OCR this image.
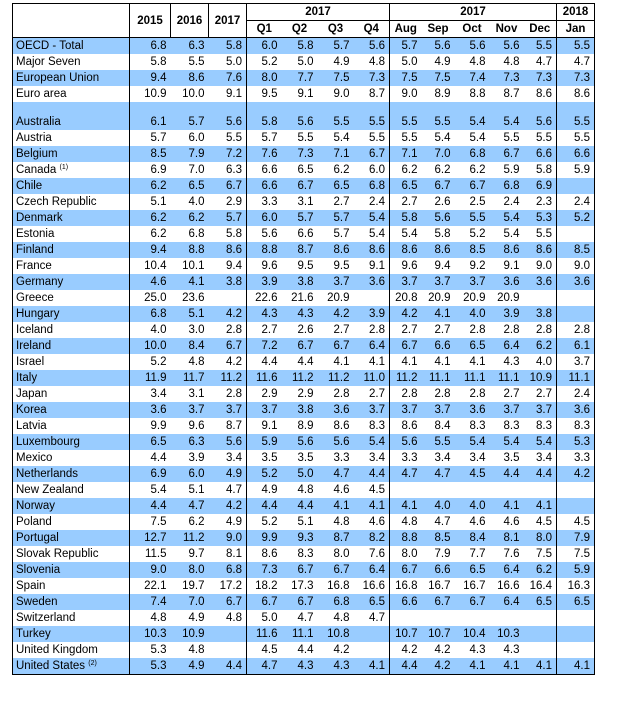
	2015	2016	2017	2017				2017					2018
				Q1	Q2	Q3	Q4	Aug	Sep	Oct	Nov	Dec	Jan
OECD - Total	6.8	6.3	5.8	6.0	5.8	5.7	5.6	5.7	5.6	5.6	5.6	5.5	5.5
Major Seven	5.8	5.5	5.0	5.2	5.0	4.9	4.8	5.0	4.9	4.8	4.8	4.7	4.7
European Union	9.4	8.6	7.6	8.0	7.7	7.5	7.3	7.5	7.5	7.4	7.3	7.3	7.3
Euro area	10.9	10.0	9.1	9.5	9.1	9.0	8.7	9.0	8.9	8.8	8.7	8.6	8.6

Australia	6.1	5.7	5.6	5.8	5.6	5.5	5.5	5.5	5.5	5.4	5.4	5.6	5.5
Austria	5.7	6.0	5.5	5.7	5.5	5.4	5.5	5.5	5.4	5.4	5.5	5.5	5.5
Belgium	8.5	7.9	7.2	7.6	7.3	7.1	6.7	7.1	7.0	6.8	6.7	6.6	6.6
Canada $^{(1)}$	6.9	7.0	6.3	6.6	6.5	6.2	6.0	6.2	6.2	6.2	5.9	5.8	5.9
Chile	6.2	6.5	6.7	6.6	6.7	6.5	6.8	6.5	6.7	6.7	6.8	6.9	
Czech Republic	5.1	4.0	2.9	3.3	3.1	2.7	2.4	2.7	2.6	2.5	2.4	2.3	2.4
Denmark	6.2	6.2	5.7	6.0	5.7	5.7	5.4	5.8	5.6	5.5	5.4	5.3	5.2
Estonia	6.2	6.8	5.8	5.6	6.6	5.7	5.4	5.4	5.8	5.2	5.4	5.5	
Finland	9.4	8.8	8.6	8.8	8.7	8.6	8.6	8.6	8.6	8.5	8.6	8.6	8.5
France	10.4	10.1	9.4	9.6	9.5	9.5	9.1	9.6	9.4	9.2	9.1	9.0	9.0
Germany	4.6	4.1	3.8	3.9	3.8	3.7	3.6	3.7	3.7	3.7	3.6	3.6	3.6
Greece	25.0	23.6		22.6	21.6	20.9		20.8	20.9	20.9	20.9		
Hungary	6.8	5.1	4.2	4.3	4.3	4.2	3.9	4.2	4.1	4.0	3.9	3.8	
Iceland	4.0	3.0	2.8	2.7	2.6	2.7	2.8	2.7	2.7	2.8	2.8	2.8	2.8
Ireland	10.0	8.4	6.7	7.2	6.7	6.7	6.4	6.7	6.6	6.5	6.4	6.2	6.1
Israel	5.2	4.8	4.2	4.4	4.4	4.1	4.1	4.1	4.1	4.1	4.3	4.0	3.7
Italy	11.9	11.7	11.2	11.6	11.2	11.2	11.0	11.2	11.1	11.1	11.1	10.9	11.1
Japan	3.4	3.1	2.8	2.9	2.9	2.8	2.7	2.8	2.8	2.8	2.7	2.7	2.4
Korea	3.6	3.7	3.7	3.7	3.8	3.6	3.7	3.7	3.7	3.6	3.7	3.7	3.6
Latvia	9.9	9.6	8.7	9.1	8.9	8.6	8.3	8.6	8.4	8.3	8.3	8.3	8.3
Luxembourg	6.5	6.3	5.6	5.9	5.6	5.6	5.4	5.6	5.5	5.4	5.4	5.4	5.3
Mexico	4.4	3.9	3.4	3.5	3.5	3.3	3.4	3.3	3.4	3.4	3.5	3.4	3.3
Netherlands	6.9	6.0	4.9	5.2	5.0	4.7	4.4	4.7	4.7	4.5	4.4	4.4	4.2
New Zealand	5.4	5.1	4.7	4.9	4.8	4.6	4.5						
Norway	4.4	4.7	4.2	4.4	4.4	4.1	4.1	4.1	4.0	4.0	4.1	4.1	
Poland	7.5	6.2	4.9	5.2	5.1	4.8	4.6	4.8	4.7	4.6	4.6	4.5	4.5
Portugal	12.7	11.2	9.0	9.9	9.3	8.7	8.2	8.8	8.5	8.4	8.1	8.0	7.9
Slovak Republic	11.5	9.7	8.1	8.6	8.3	8.0	7.6	8.0	7.9	7.7	7.6	7.5	7.5
Slovenia	9.0	8.0	6.8	7.3	6.7	6.7	6.4	6.7	6.6	6.5	6.4	6.2	5.9
Spain	22.1	19.7	17.2	18.2	17.3	16.8	16.6	16.8	16.7	16.7	16.6	16.4	16.3
Sweden	7.4	7.0	6.7	6.7	6.7	6.8	6.5	6.6	6.7	6.7	6.4	6.5	6.5
Switzerland	4.8	4.9	4.8	5.0	4.7	4.8	4.7						
Turkey	10.3	10.9		11.6	11.1	10.8		10.7	10.7	10.4	10.3		
United Kingdom	5.3	4.8		4.5	4.4	4.2		4.2	4.2	4.3	4.3		
United States $^{(2)}$	5.3	4.9	4.4	4.7	4.3	4.3	4.1	4.4	4.2	4.1	4.1	4.1	4.1
